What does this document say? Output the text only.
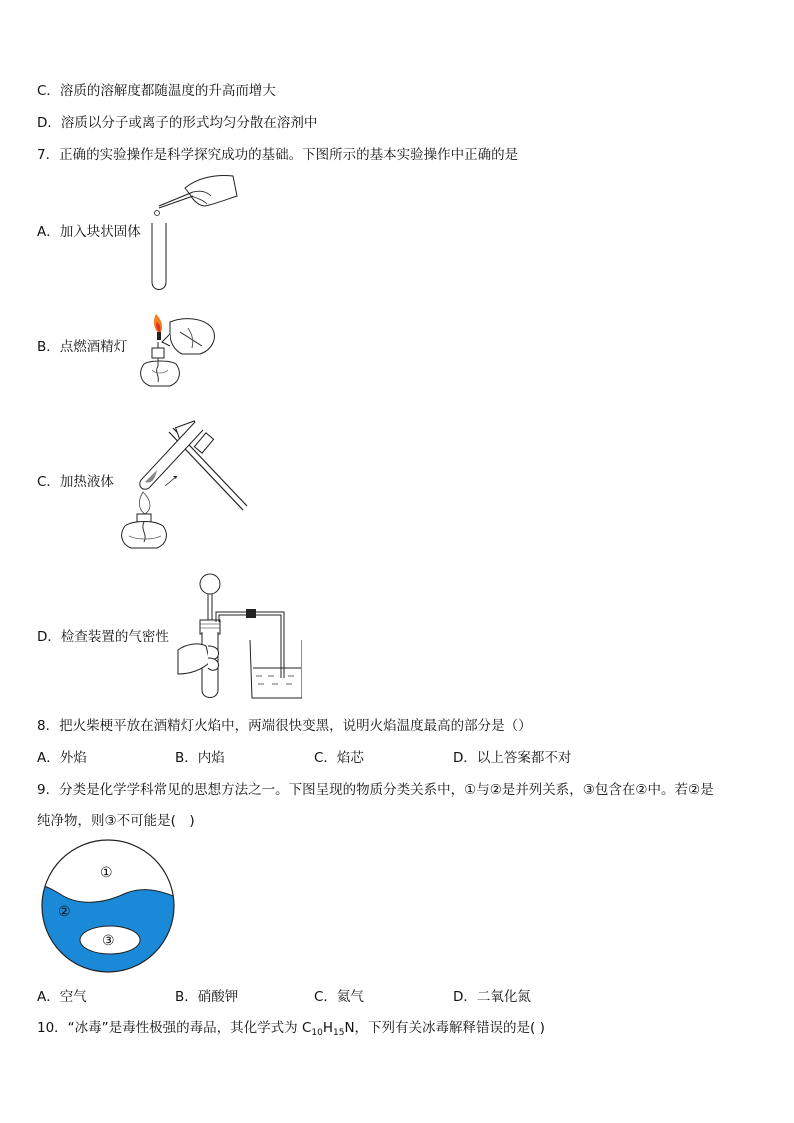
C．溶质的溶解度都随温度的升高而增大
D．溶质以分子或离子的形式均匀分散在溶剂中
7．正确的实验操作是科学探究成功的基础。下图所示的基本实验操作中正确的是
A．加入块状固体
B．点燃酒精灯
C．加热液体
D．检查装置的气密性
8．把火柴梗平放在酒精灯火焰中，两端很快变黑，说明火焰温度最高的部分是（）
A．外焰	B．内焰	C．焰芯	D．以上答案都不对
9．分类是化学学科常见的思想方法之一。下图呈现的物质分类关系中，①与②是并列关系，③包含在②中。若②是
纯净物，则③不可能是(　)
①
②
③
A．空气	B．硝酸钾	C．氦气	D．二氧化氮
10．“冰毒”是毒性极强的毒品，其化学式为 $C_{10}H_{15}N$，下列有关冰毒解释错误的是( )
